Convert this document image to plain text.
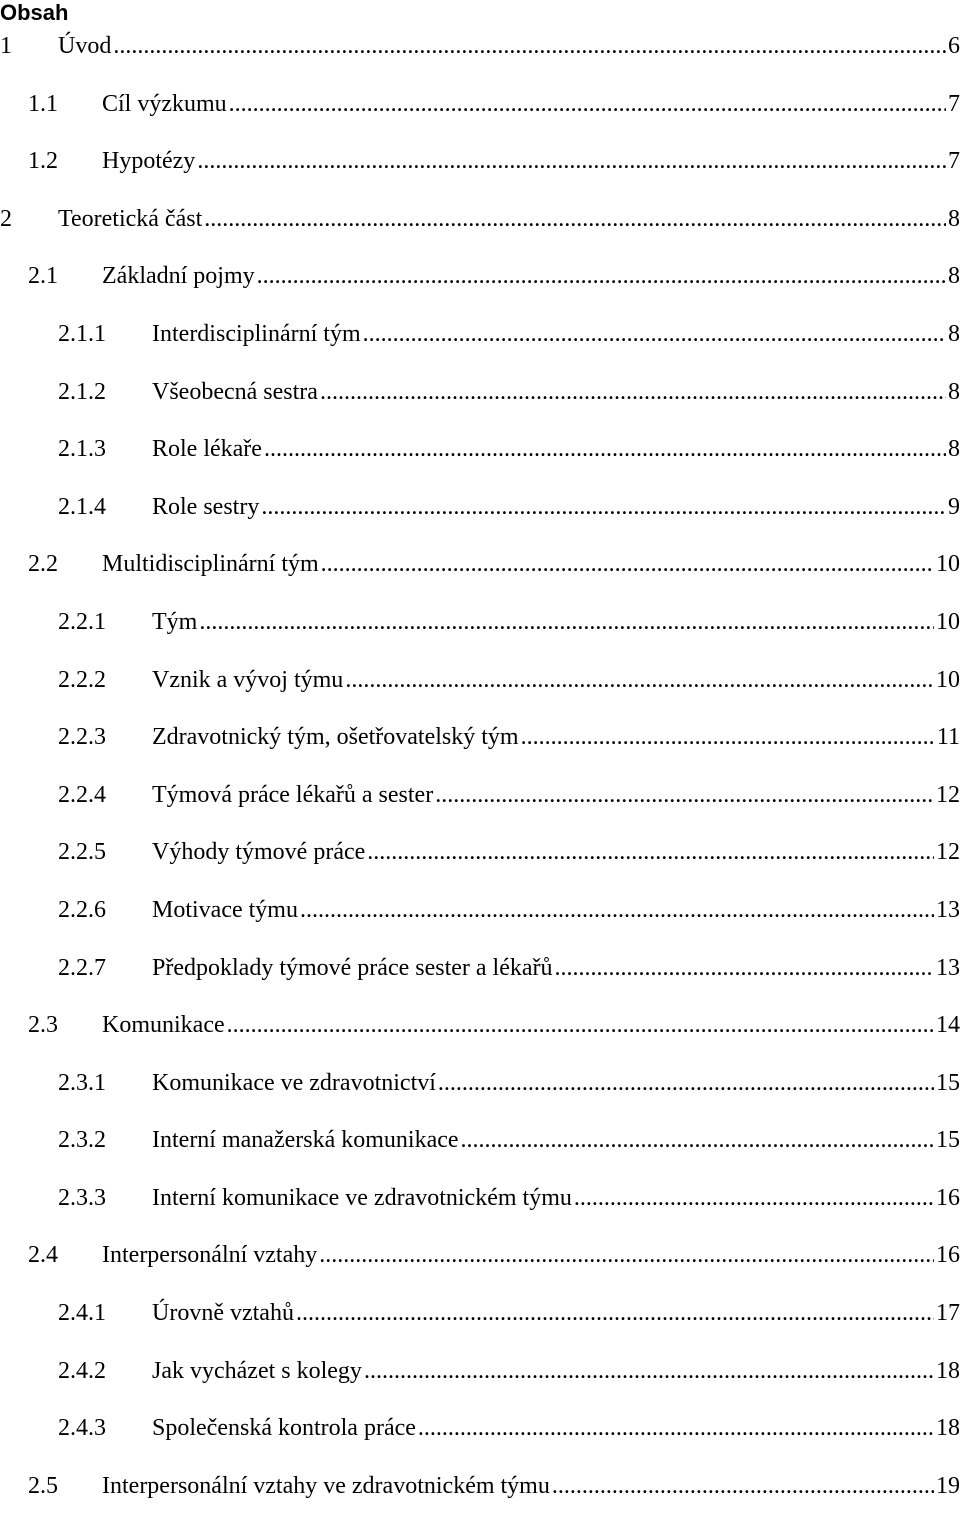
Obsah
1	Úvod .....	6
1.1	Cíl výzkumu .....	7
1.2	Hypotézy .....	7
2	Teoretická část .....	8
2.1	Základní pojmy .....	8
2.1.1	Interdisciplinární tým .....	8
2.1.2	Všeobecná sestra .....	8
2.1.3	Role lékaře .....	8
2.1.4	Role sestry .....	9
2.2	Multidisciplinární tým .....	10
2.2.1	Tým .....	10
2.2.2	Vznik a vývoj týmu .....	10
2.2.3	Zdravotnický tým, ošetřovatelský tým .....	11
2.2.4	Týmová práce lékařů a sester .....	12
2.2.5	Výhody týmové práce .....	12
2.2.6	Motivace týmu .....	13
2.2.7	Předpoklady týmové práce sester a lékařů .....	13
2.3	Komunikace .....	14
2.3.1	Komunikace ve zdravotnictví .....	15
2.3.2	Interní manažerská komunikace .....	15
2.3.3	Interní komunikace ve zdravotnickém týmu .....	16
2.4	Interpersonální vztahy .....	16
2.4.1	Úrovně vztahů .....	17
2.4.2	Jak vycházet s kolegy .....	18
2.4.3	Společenská kontrola práce .....	18
2.5	Interpersonální vztahy ve zdravotnickém týmu .....	19
